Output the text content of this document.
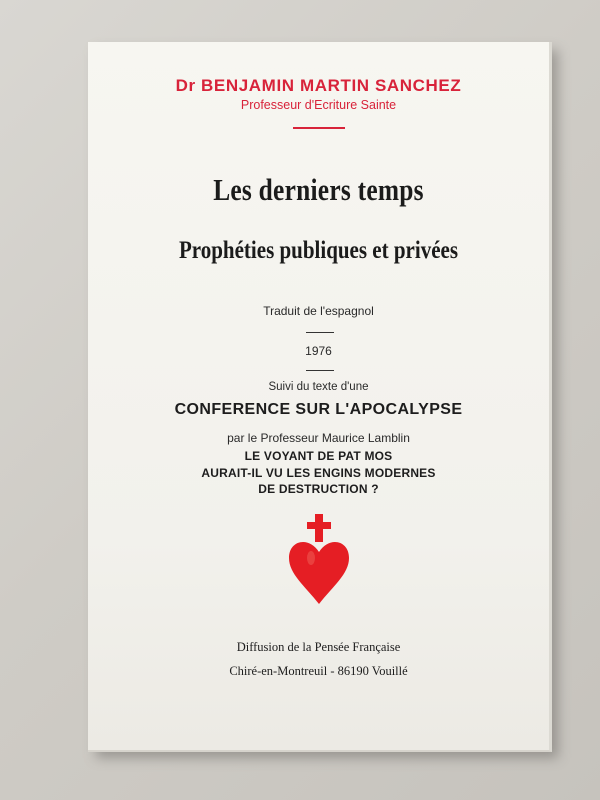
Dr BENJAMIN MARTIN SANCHEZ
Professeur d'Ecriture Sainte
Les derniers temps
Prophéties publiques et privées
Traduit de l'espagnol
1976
Suivi du texte d'une
CONFERENCE SUR L'APOCALYPSE
par le Professeur Maurice Lamblin
LE VOYANT DE PAT MOS
AURAIT-IL VU LES ENGINS MODERNES
DE DESTRUCTION ?
Diffusion de la Pensée Française
Chiré-en-Montreuil - 86190 Vouillé
